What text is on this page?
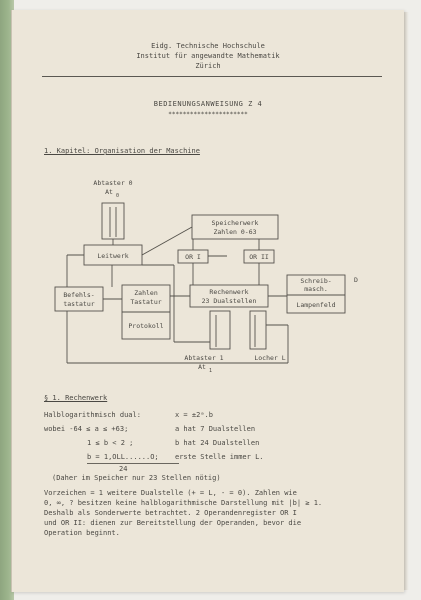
Eidg. Technische Hochschule
Institut für angewandte Mathematik
Zürich
BEDIENUNGSANWEISUNG Z 4
**********************
1. Kapitel: Organisation der Maschine
Abtaster 0
At 0
Leitwerk
Speicherwerk
Zahlen 0-63
OR I	OR II
Befehls-
tastatur
Zahlen
Tastatur
Protokoll
Rechenwerk
23 Dualstellen
Schreib-
masch.
Lampenfeld
D
Abtaster 1
At 1
Locher L
§ 1. Rechenwerk
Halblogarithmisch dual:	x = ±2ᵃ.b
wobei -64 ≤ a ≤ +63;	a hat 7 Dualstellen
1 ≤ b < 2 ;	b hat 24 Dualstellen
b = 1,OLL......O; erste Stelle immer L.
24
(Daher im Speicher nur 23 Stellen nötig)
Vorzeichen = 1 weitere Dualstelle (+ = L, - = 0). Zahlen wie
0, ∞, ? besitzen keine halblogarithmische Darstellung mit |b| ≥ 1.
Deshalb als Sonderwerte betrachtet. 2 Operandenregister OR I
und OR II: dienen zur Bereitstellung der Operanden, bevor die
Operation beginnt.
